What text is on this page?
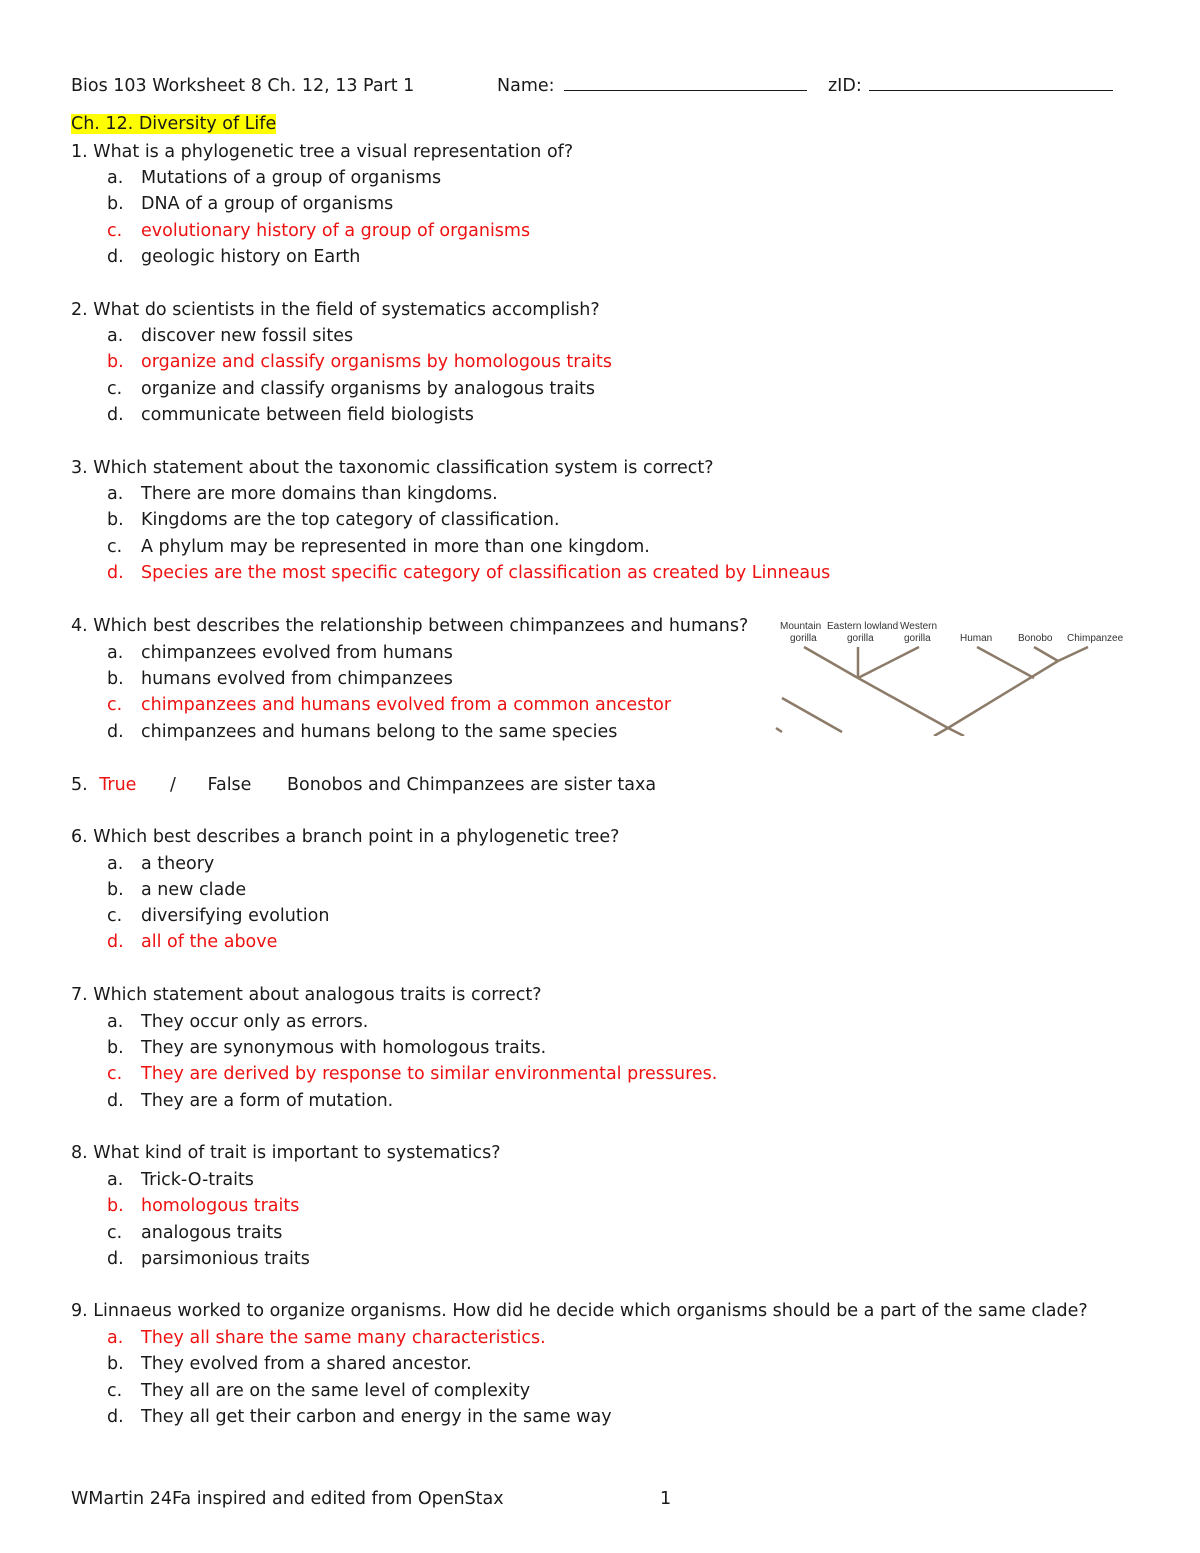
Bios 103 Worksheet 8 Ch. 12, 13 Part 1	Name:	zID:
Ch. 12. Diversity of Life
1. What is a phylogenetic tree a visual representation of?
a. Mutations of a group of organisms
b. DNA of a group of organisms
c. evolutionary history of a group of organisms
d. geologic history on Earth
2. What do scientists in the field of systematics accomplish?
a. discover new fossil sites
b. organize and classify organisms by homologous traits
c. organize and classify organisms by analogous traits
d. communicate between field biologists
3. Which statement about the taxonomic classification system is correct?
a. There are more domains than kingdoms.
b. Kingdoms are the top category of classification.
c. A phylum may be represented in more than one kingdom.
d. Species are the most specific category of classification as created by Linneaus
4. Which best describes the relationship between chimpanzees and humans?
a. chimpanzees evolved from humans
b. humans evolved from chimpanzees
c. chimpanzees and humans evolved from a common ancestor
d. chimpanzees and humans belong to the same species
Mountain
gorilla
Eastern lowland
gorilla
Western
gorilla	Human	Bonobo Chimpanzee
5. True / False Bonobos and Chimpanzees are sister taxa
6. Which best describes a branch point in a phylogenetic tree?
a. a theory
b. a new clade
c. diversifying evolution
d. all of the above
7. Which statement about analogous traits is correct?
a. They occur only as errors.
b. They are synonymous with homologous traits.
c. They are derived by response to similar environmental pressures.
d. They are a form of mutation.
8. What kind of trait is important to systematics?
a. Trick-O-traits
b. homologous traits
c. analogous traits
d. parsimonious traits
9. Linnaeus worked to organize organisms. How did he decide which organisms should be a part of the same clade?
a. They all share the same many characteristics.
b. They evolved from a shared ancestor.
c. They all are on the same level of complexity
d. They all get their carbon and energy in the same way
WMartin 24Fa inspired and edited from OpenStax	1
